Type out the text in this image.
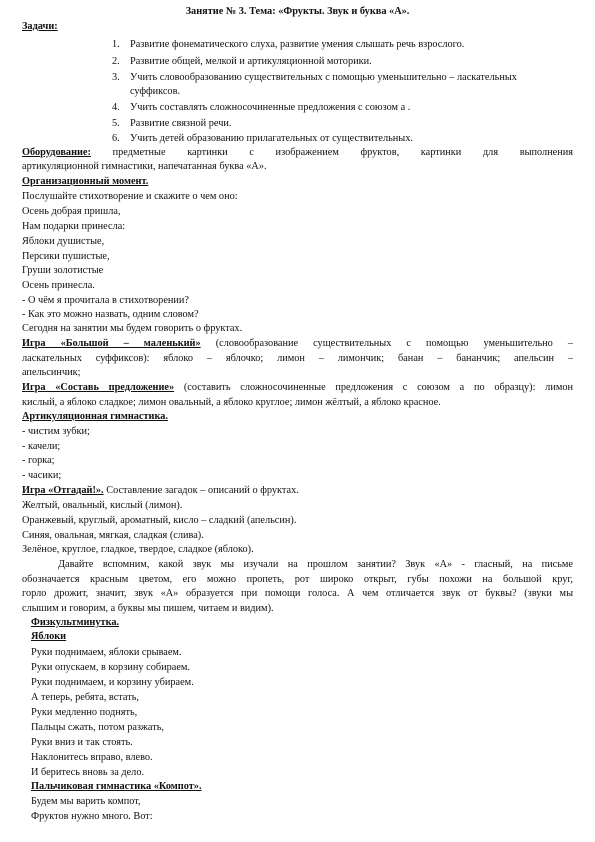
Занятие № 3. Тема: «Фрукты. Звук и буква «А».
Задачи:
1. Развитие фонематического слуха, развитие умения слышать речь взрослого.
2. Развитие общей, мелкой и артикуляционной моторики.
3. Учить словообразованию существительных с помощью уменьшительно – ласкательных
суффиксов.
4. Учить составлять сложносочиненные предложения с союзом а .
5. Развитие связной речи.
6. Учить детей образованию прилагательных от существительных.
Оборудование: предметные картинки с изображением фруктов, картинки для выполнения
артикуляционной гимнастики, напечатанная буква «А».
Организационный момент.
Послушайте стихотворение и скажите о чем оно:
Осень добрая пришла,
Нам подарки принесла:
Яблоки душистые,
Персики пушистые,
Груши золотистые
Осень принесла.
- О чём я прочитала в стихотворении?
- Как это можно назвать, одним словом?
Сегодня на занятии мы будем говорить о фруктах.
Игра «Большой – маленький» (словообразование существительных с помощью уменьшительно –
ласкательных суффиксов): яблоко – яблочко; лимон – лимончик; банан – бананчик; апельсин –
апельсинчик;
Игра «Составь предложение» (составить сложносочиненные предложения с союзом а по образцу): лимон
кислый, а яблоко сладкое; лимон овальный, а яблоко круглое; лимон жёлтый, а яблоко красное.
Артикуляционная гимнастика.
- чистим зубки;
- качели;
- горка;
- часики;
Игра «Отгадай!». Составление загадок – описаний о фруктах.
Желтый, овальный, кислый (лимон).
Оранжевый, круглый, ароматный, кисло – сладкий (апельсин).
Синяя, овальная, мягкая, сладкая (слива).
Зелёное, круглое, гладкое, твердое, сладкое (яблоко).
Давайте вспомним, какой звук мы изучали на прошлом занятии? Звук «А» - гласный, на письме
обозначается красным цветом, его можно пропеть, рот широко открыт, губы похожи на большой круг,
горло дрожит, значит, звук «А» образуется при помощи голоса. А чем отличается звук от буквы? (звуки мы
слышим и говорим, а буквы мы пишем, читаем и видим).
Физкультминутка.
Яблоки
Руки поднимаем, яблоки срываем.
Руки опускаем, в корзину собираем.
Руки поднимаем, и корзину убираем.
А теперь, ребята, встать,
Руки медленно поднять,
Пальцы сжать, потом разжать,
Руки вниз и так стоять.
Наклонитесь вправо, влево.
И беритесь вновь за дело.
Пальчиковая гимнастика «Компот».
Будем мы варить компот,
Фруктов нужно много. Вот:
